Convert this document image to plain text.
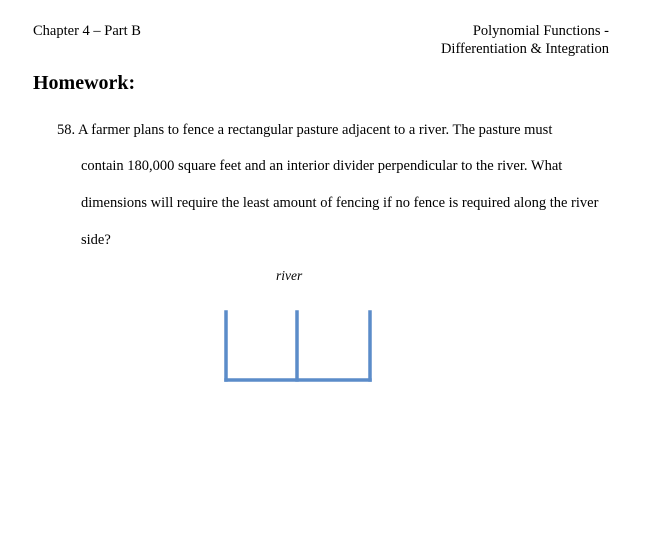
Chapter 4 – Part B	Polynomial Functions -
Differentiation & Integration
Homework:
58. A farmer plans to fence a rectangular pasture adjacent to a river. The pasture must
contain 180,000 square feet and an interior divider perpendicular to the river. What
dimensions will require the least amount of fencing if no fence is required along the river
side?
river
